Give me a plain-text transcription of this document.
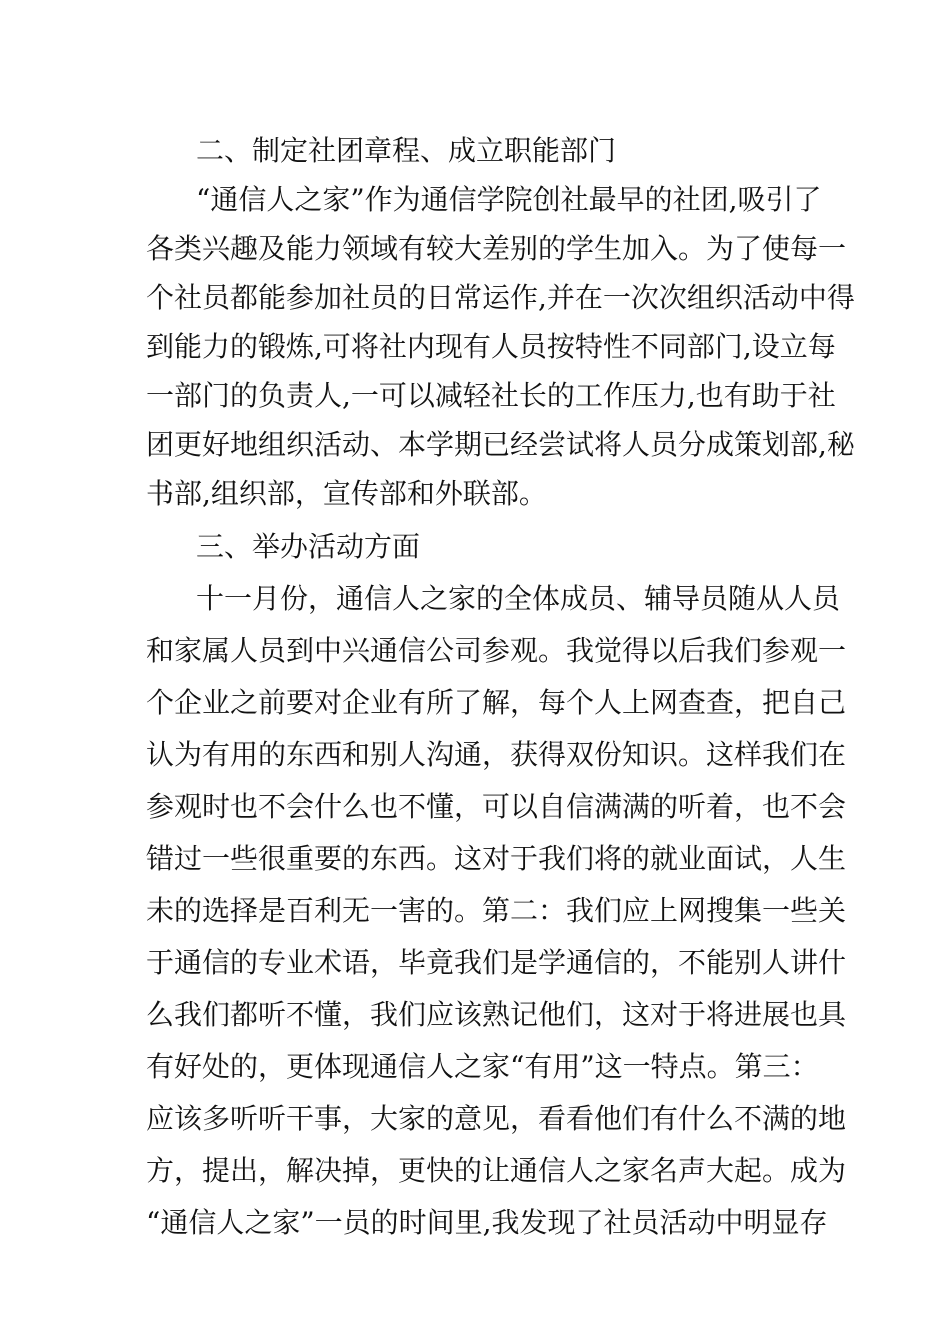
二、制定社团章程、成立职能部门
“通信人之家”作为通信学院创社最早的社团,吸引了
各类兴趣及能力领域有较大差别的学生加入。为了使每一
个社员都能参加社员的日常运作,并在一次次组织活动中得
到能力的锻炼,可将社内现有人员按特性不同部门,设立每
一部门的负责人,一可以减轻社长的工作压力,也有助于社
团更好地组织活动、本学期已经尝试将人员分成策划部,秘
书部,组织部，宣传部和外联部。
三、举办活动方面
十一月份，通信人之家的全体成员、辅导员随从人员
和家属人员到中兴通信公司参观。我觉得以后我们参观一
个企业之前要对企业有所了解，每个人上网查查，把自己
认为有用的东西和别人沟通，获得双份知识。这样我们在
参观时也不会什么也不懂，可以自信满满的听着，也不会
错过一些很重要的东西。这对于我们将的就业面试，人生
未的选择是百利无一害的。第二：我们应上网搜集一些关
于通信的专业术语，毕竟我们是学通信的，不能别人讲什
么我们都听不懂，我们应该熟记他们，这对于将进展也具
有好处的，更体现通信人之家“有用”这一特点。第三：
应该多听听干事，大家的意见，看看他们有什么不满的地
方，提出，解决掉，更快的让通信人之家名声大起。成为
“通信人之家”一员的时间里,我发现了社员活动中明显存
